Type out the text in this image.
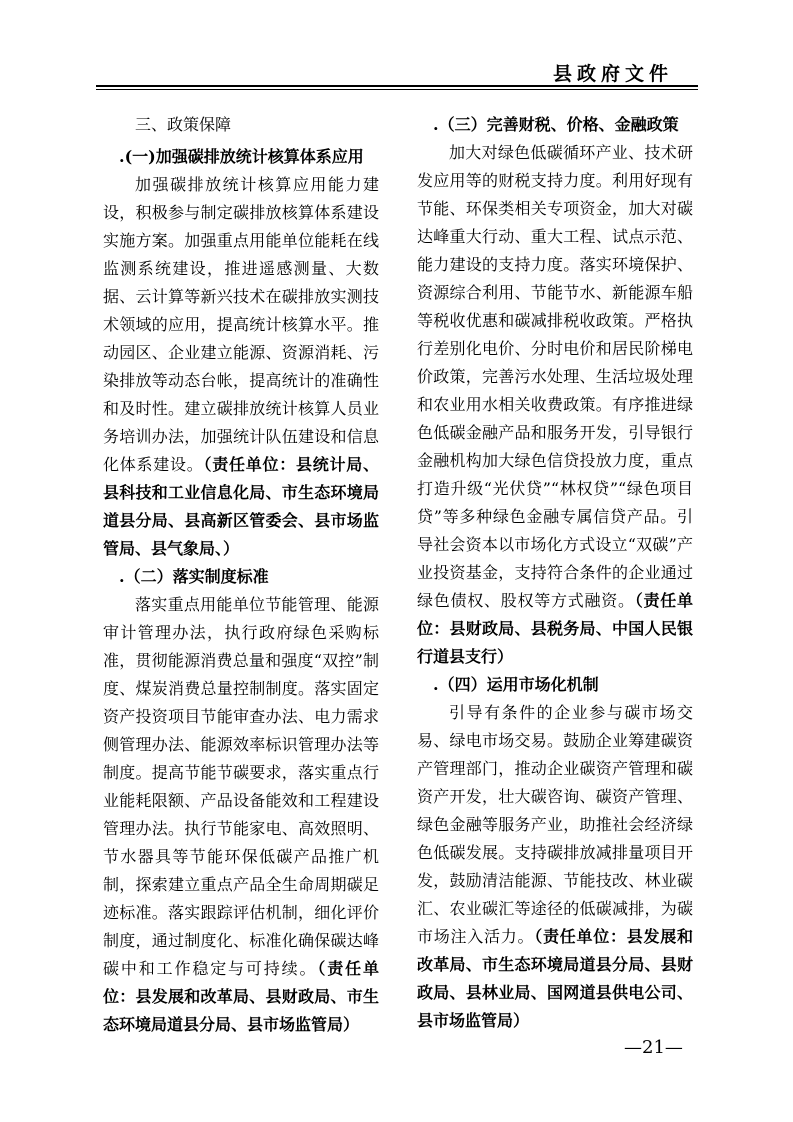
县政府文件

三、政策保障

.(一)加强碳排放统计核算体系应用

加强碳排放统计核算应用能力建设，积极参与制定碳排放核算体系建设实施方案。加强重点用能单位能耗在线监测系统建设，推进遥感测量、大数据、云计算等新兴技术在碳排放实测技术领域的应用，提高统计核算水平。推动园区、企业建立能源、资源消耗、污染排放等动态台帐，提高统计的准确性和及时性。建立碳排放统计核算人员业务培训办法，加强统计队伍建设和信息化体系建设。（责任单位：县统计局、县科技和工业信息化局、市生态环境局道县分局、县高新区管委会、县市场监管局、县气象局、）

.（二）落实制度标准

落实重点用能单位节能管理、能源审计管理办法，执行政府绿色采购标准，贯彻能源消费总量和强度“双控”制度、煤炭消费总量控制制度。落实固定资产投资项目节能审查办法、电力需求侧管理办法、能源效率标识管理办法等制度。提高节能节碳要求，落实重点行业能耗限额、产品设备能效和工程建设管理办法。执行节能家电、高效照明、节水器具等节能环保低碳产品推广机制，探索建立重点产品全生命周期碳足迹标准。落实跟踪评估机制，细化评价制度，通过制度化、标准化确保碳达峰碳中和工作稳定与可持续。（责任单位：县发展和改革局、县财政局、市生态环境局道县分局、县市场监管局）

.（三）完善财税、价格、金融政策

加大对绿色低碳循环产业、技术研发应用等的财税支持力度。利用好现有节能、环保类相关专项资金，加大对碳达峰重大行动、重大工程、试点示范、能力建设的支持力度。落实环境保护、资源综合利用、节能节水、新能源车船等税收优惠和碳减排税收政策。严格执行差别化电价、分时电价和居民阶梯电价政策，完善污水处理、生活垃圾处理和农业用水相关收费政策。有序推进绿色低碳金融产品和服务开发，引导银行金融机构加大绿色信贷投放力度，重点打造升级“光伏贷”“林权贷”“绿色项目贷”等多种绿色金融专属信贷产品。引导社会资本以市场化方式设立“双碳”产业投资基金，支持符合条件的企业通过绿色债权、股权等方式融资。（责任单位：县财政局、县税务局、中国人民银行道县支行）

.（四）运用市场化机制

引导有条件的企业参与碳市场交易、绿电市场交易。鼓励企业筹建碳资产管理部门，推动企业碳资产管理和碳资产开发，壮大碳咨询、碳资产管理、绿色金融等服务产业，助推社会经济绿色低碳发展。支持碳排放减排量项目开发，鼓励清洁能源、节能技改、林业碳汇、农业碳汇等途径的低碳减排，为碳市场注入活力。（责任单位：县发展和改革局、市生态环境局道县分局、县财政局、县林业局、国网道县供电公司、县市场监管局）

—21—
